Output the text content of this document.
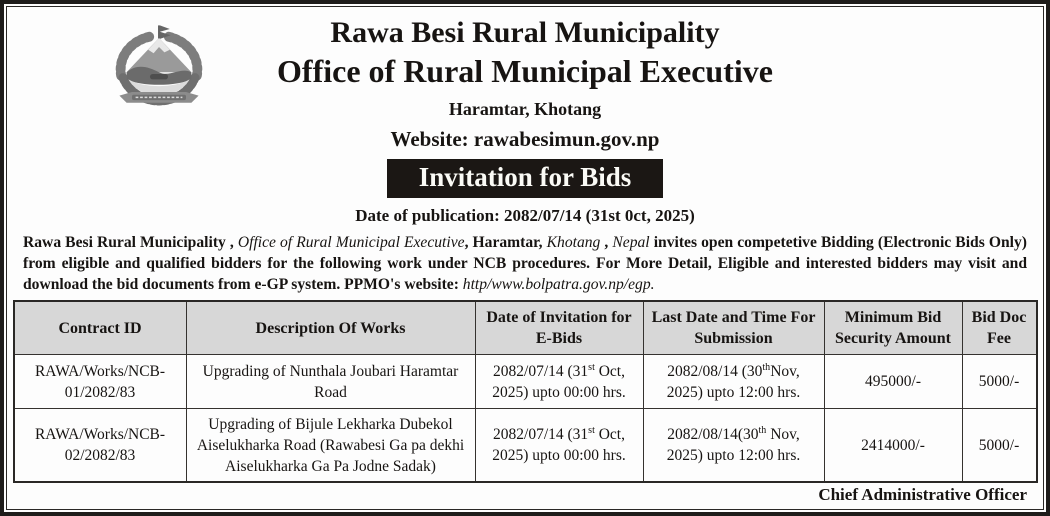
Rawa Besi Rural Municipality
Office of Rural Municipal Executive
Haramtar, Khotang
Website: rawabesimun.gov.np
Invitation for Bids
Date of publication: 2082/07/14 (31st 0ct, 2025)

Rawa Besi Rural Municipality , Office of Rural Municipal Executive, Haramtar, Khotang , Nepal invites open competetive Bidding (Electronic Bids Only) from eligible and qualified bidders for the following work under NCB procedures. For More Detail, Eligible and interested bidders may visit and download the bid documents from e-GP system. PPMO's website: http/www.bolpatra.gov.np/egp.

Contract ID	Description Of Works	Date of Invitation for E-Bids	Last Date and Time For Submission	Minimum Bid Security Amount	Bid Doc Fee
RAWA/Works/NCB-01/2082/83	Upgrading of Nunthala Joubari Haramtar Road	2082/07/14 (31st Oct, 2025) upto 00:00 hrs.	2082/08/14 (30thNov, 2025) upto 12:00 hrs.	495000/-	5000/-
RAWA/Works/NCB-02/2082/83	Upgrading of Bijule Lekharka Dubekol Aiselukharka Road (Rawabesi Ga pa dekhi Aiselukharka Ga Pa Jodne Sadak)	2082/07/14 (31st Oct, 2025) upto 00:00 hrs.	2082/08/14(30th Nov, 2025) upto 12:00 hrs.	2414000/-	5000/-
Chief Administrative Officer
